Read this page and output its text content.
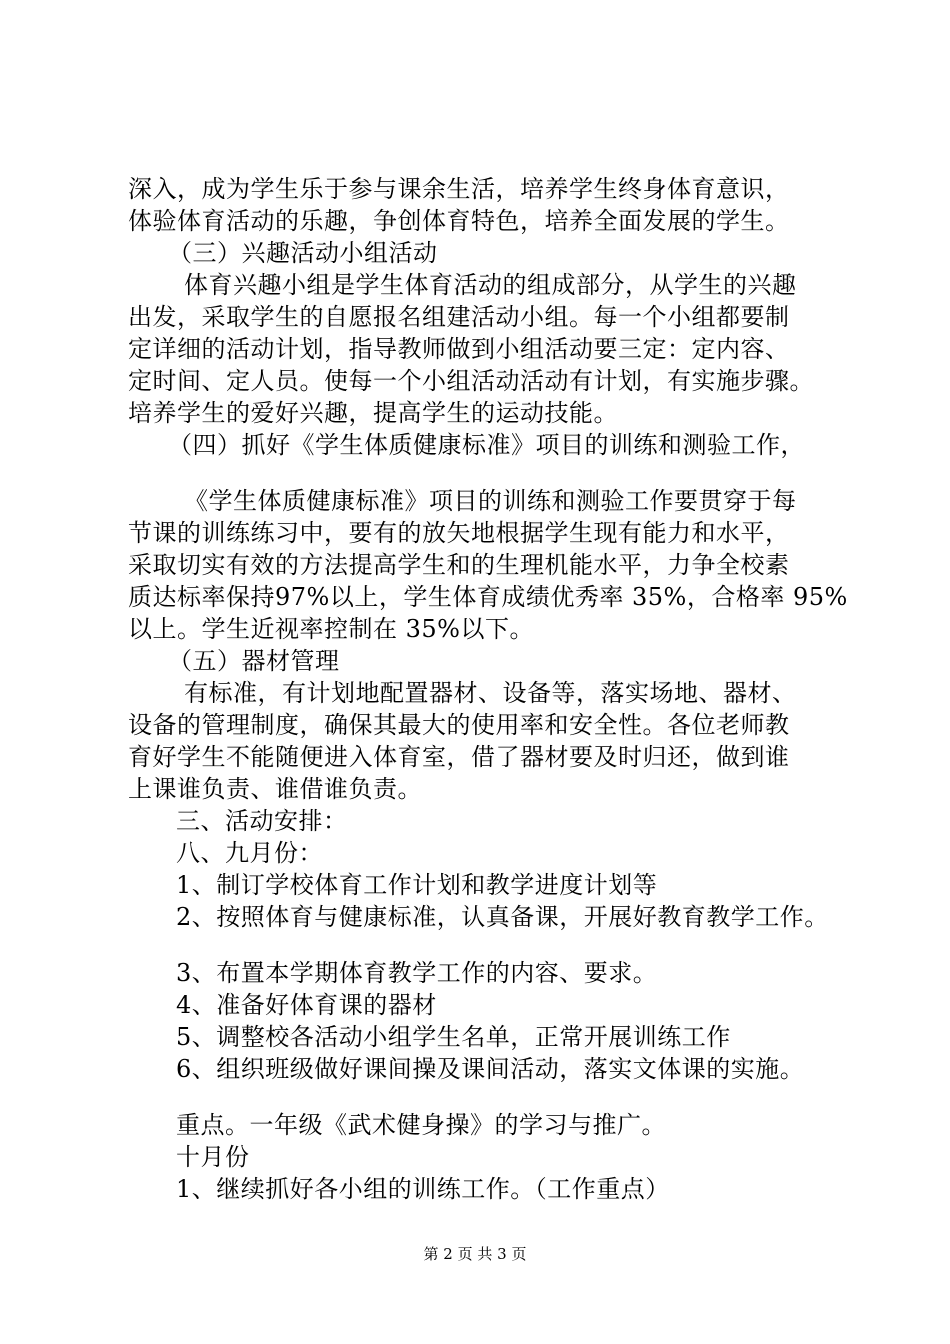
深入，成为学生乐于参与课余生活，培养学生终身体育意识，
体验体育活动的乐趣，争创体育特色，培养全面发展的学生。
（三）兴趣活动小组活动
体育兴趣小组是学生体育活动的组成部分，从学生的兴趣
出发，采取学生的自愿报名组建活动小组。每一个小组都要制
定详细的活动计划，指导教师做到小组活动要三定：定内容、
定时间、定人员。使每一个小组活动活动有计划，有实施步骤。
培养学生的爱好兴趣，提高学生的运动技能。
（四）抓好《学生体质健康标准》项目的训练和测验工作，
《学生体质健康标准》项目的训练和测验工作要贯穿于每
节课的训练练习中，要有的放矢地根据学生现有能力和水平，
采取切实有效的方法提高学生和的生理机能水平，力争全校素
质达标率保持97%以上，学生体育成绩优秀率 35%，合格率 95%
以上。学生近视率控制在 35%以下。
（五）器材管理
有标准，有计划地配置器材、设备等，落实场地、器材、
设备的管理制度，确保其最大的使用率和安全性。各位老师教
育好学生不能随便进入体育室，借了器材要及时归还，做到谁
上课谁负责、谁借谁负责。
三、活动安排：
八、九月份：
1、制订学校体育工作计划和教学进度计划等
2、按照体育与健康标准，认真备课，开展好教育教学工作。
3、布置本学期体育教学工作的内容、要求。
4、准备好体育课的器材
5、调整校各活动小组学生名单，正常开展训练工作
6、组织班级做好课间操及课间活动，落实文体课的实施。
重点。一年级《武术健身操》的学习与推广。
十月份
1、继续抓好各小组的训练工作。（工作重点）
第 2 页 共 3 页
